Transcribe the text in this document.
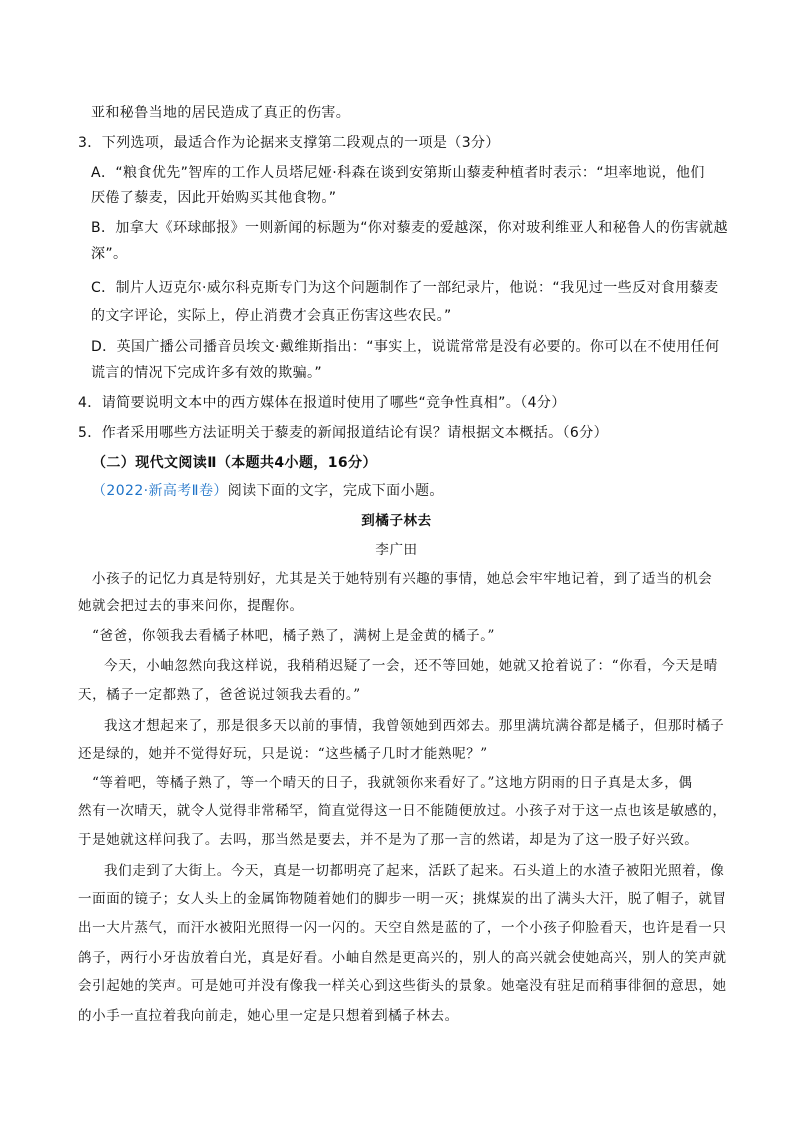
亚和秘鲁当地的居民造成了真正的伤害。
3．下列选项，最适合作为论据来支撑第二段观点的一项是（3分）
A．“粮食优先”智库的工作人员塔尼娅·科森在谈到安第斯山藜麦种植者时表示：“坦率地说，他们
厌倦了藜麦，因此开始购买其他食物。”
B．加拿大《环球邮报》一则新闻的标题为“你对藜麦的爱越深，你对玻利维亚人和秘鲁人的伤害就越
深”。
C．制片人迈克尔·威尔科克斯专门为这个问题制作了一部纪录片，他说：“我见过一些反对食用藜麦
的文字评论，实际上，停止消费才会真正伤害这些农民。”
D．英国广播公司播音员埃文·戴维斯指出：“事实上，说谎常常是没有必要的。你可以在不使用任何
谎言的情况下完成许多有效的欺骗。”
4．请简要说明文本中的西方媒体在报道时使用了哪些“竞争性真相”。（4分）
5．作者采用哪些方法证明关于藜麦的新闻报道结论有误？请根据文本概括。（6分）
（二）现代文阅读Ⅱ（本题共4小题，16分）
（2022·新高考Ⅱ卷）阅读下面的文字，完成下面小题。
到橘子林去
李广田
小孩子的记忆力真是特别好，尤其是关于她特别有兴趣的事情，她总会牢牢地记着，到了适当的机会
她就会把过去的事来问你，提醒你。
“爸爸，你领我去看橘子林吧，橘子熟了，满树上是金黄的橘子。”
今天，小岫忽然向我这样说，我稍稍迟疑了一会，还不等回她，她就又抢着说了：“你看，今天是晴
天，橘子一定都熟了，爸爸说过领我去看的。”
我这才想起来了，那是很多天以前的事情，我曾领她到西郊去。那里满坑满谷都是橘子，但那时橘子
还是绿的，她并不觉得好玩，只是说：“这些橘子几时才能熟呢？”
“等着吧，等橘子熟了，等一个晴天的日子，我就领你来看好了。”这地方阴雨的日子真是太多，偶
然有一次晴天，就令人觉得非常稀罕，简直觉得这一日不能随便放过。小孩子对于这一点也该是敏感的，
于是她就这样问我了。去吗，那当然是要去，并不是为了那一言的然诺，却是为了这一股子好兴致。
我们走到了大街上。今天，真是一切都明亮了起来，活跃了起来。石头道上的水渣子被阳光照着，像
一面面的镜子；女人头上的金属饰物随着她们的脚步一明一灭；挑煤炭的出了满头大汗，脱了帽子，就冒
出一大片蒸气，而汗水被阳光照得一闪一闪的。天空自然是蓝的了，一个小孩子仰脸看天，也许是看一只
鸽子，两行小牙齿放着白光，真是好看。小岫自然是更高兴的，别人的高兴就会使她高兴，别人的笑声就
会引起她的笑声。可是她可并没有像我一样关心到这些街头的景象。她毫没有驻足而稍事徘徊的意思，她
的小手一直拉着我向前走，她心里一定是只想着到橘子林去。
